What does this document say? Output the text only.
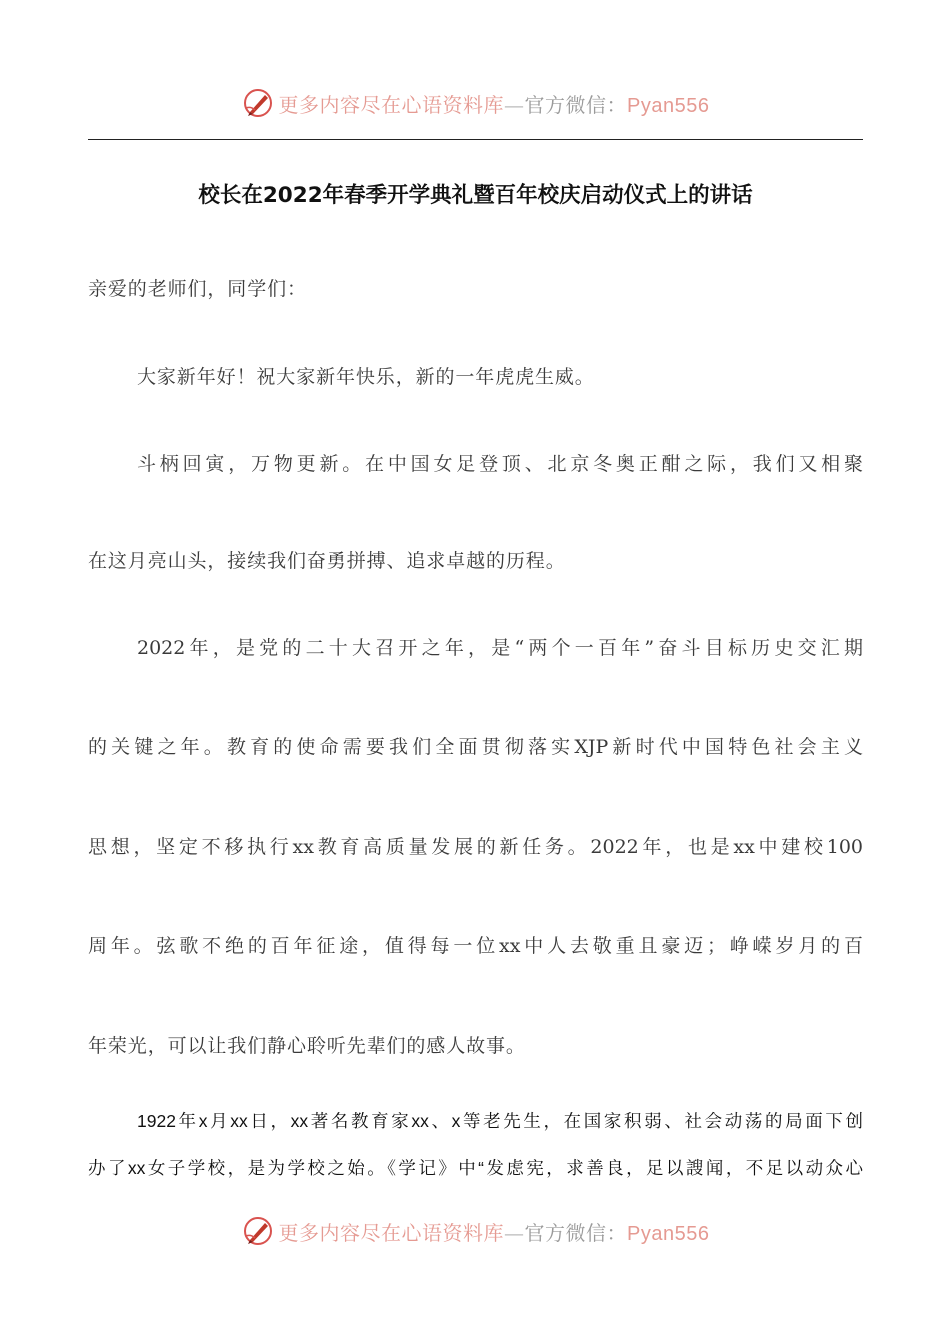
更多内容尽在心语资料库—官方微信：Pyan556
校长在2022年春季开学典礼暨百年校庆启动仪式上的讲话
亲爱的老师们，同学们：
大家新年好！祝大家新年快乐，新的一年虎虎生威。
斗柄回寅，万物更新。在中国女足登顶、北京冬奥正酣之际，我们又相聚
在这月亮山头，接续我们奋勇拼搏、追求卓越的历程。
2022年，是党的二十大召开之年，是“两个一百年”奋斗目标历史交汇期
的关键之年。教育的使命需要我们全面贯彻落实XJP新时代中国特色社会主义
思想，坚定不移执行xx教育高质量发展的新任务。2022年，也是xx中建校100
周年。弦歌不绝的百年征途，值得每一位xx中人去敬重且豪迈；峥嵘岁月的百
年荣光，可以让我们静心聆听先辈们的感人故事。
1922年x月xx日，xx著名教育家xx、x等老先生，在国家积弱、社会动荡的局面下创
办了xx女子学校，是为学校之始。《学记》中“发虑宪，求善良，足以謏闻，不足以动众心
更多内容尽在心语资料库—官方微信：Pyan556
